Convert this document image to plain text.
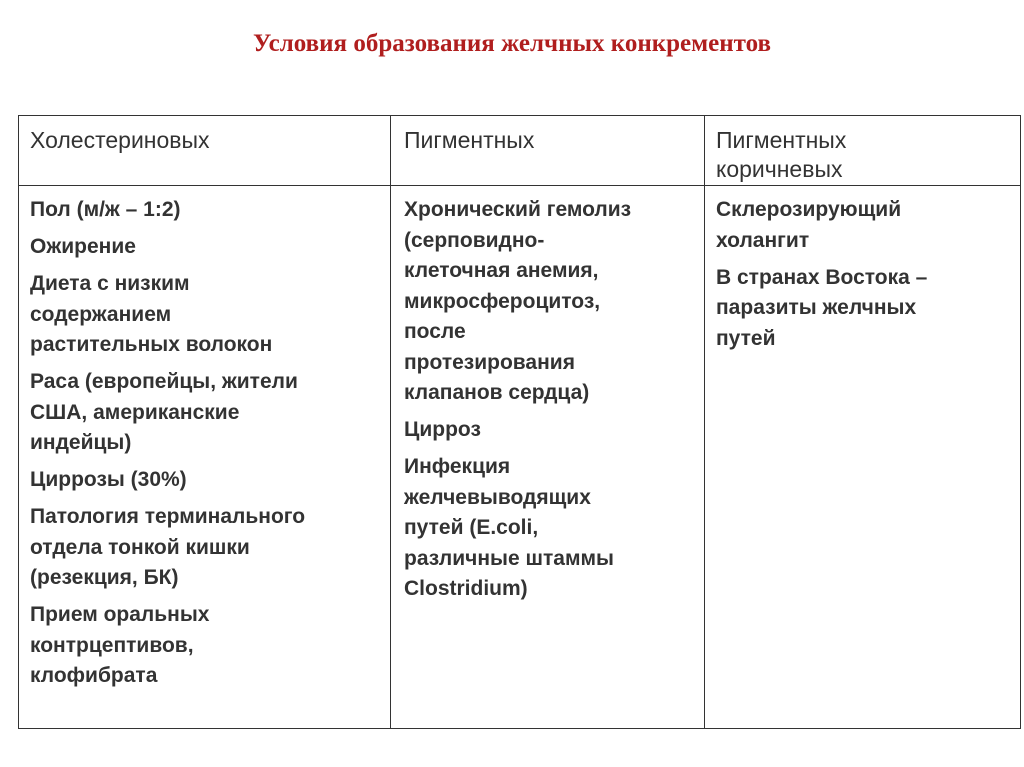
Условия образования желчных конкрементов
Холестериновых	Пигментных	Пигментных
коричневых
Пол (м/ж – 1:2)
Ожирение
Диета с низким
содержанием
растительных волокон
Раса (европейцы, жители
США, американские
индейцы)
Циррозы (30%)
Патология терминального
отдела тонкой кишки
(резекция, БК)
Прием оральных
контрцептивов,
клофибрата
Хронический гемолиз
(серповидно-
клеточная анемия,
микросфероцитоз,
после
протезирования
клапанов сердца)
Цирроз
Инфекция
желчевыводящих
путей (E.coli,
различные штаммы
Clostridium)
Склерозирующий
холангит
В странах Востока –
паразиты желчных
путей
